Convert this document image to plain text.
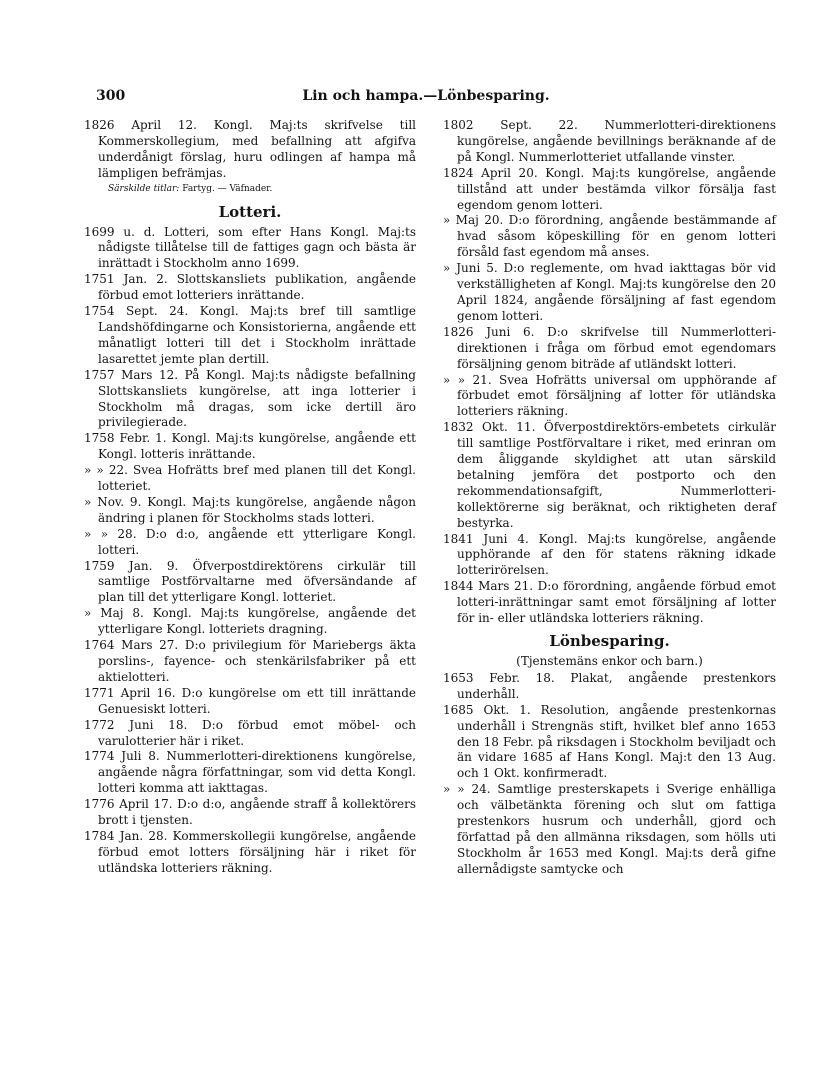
300	Lin och hampa.—Lönbesparing.

1826 April 12. Kongl. Maj:ts skrifvelse till Kommerskollegium, med befallning att afgifva underdånigt förslag, huru odlingen af hampa må lämpligen befrämjas.

Särskilde titlar: Fartyg. — Väfnader.

Lotteri.

1699 u. d. Lotteri, som efter Hans Kongl. Maj:ts nådigste tillåtelse till de fattiges gagn och bästa är inrättadt i Stockholm anno 1699.

1751 Jan. 2. Slottskansliets publikation, angående förbud emot lotteriers inrättande.

1754 Sept. 24. Kongl. Maj:ts bref till samtlige Landshöfdingarne och Konsistorierna, angående ett månatligt lotteri till det i Stockholm inrättade lasarettet jemte plan dertill.

1757 Mars 12. På Kongl. Maj:ts nådigste befallning Slottskansliets kungörelse, att inga lotterier i Stockholm må dragas, som icke dertill äro privilegierade.

1758 Febr. 1. Kongl. Maj:ts kungörelse, angående ett Kongl. lotteris inrättande.

» » 22. Svea Hofrätts bref med planen till det Kongl. lotteriet.

» Nov. 9. Kongl. Maj:ts kungörelse, angående någon ändring i planen för Stockholms stads lotteri.

» » 28. D:o d:o, angående ett ytterligare Kongl. lotteri.

1759 Jan. 9. Öfverpostdirektörens cirkulär till samtlige Postförvaltarne med öfversändande af plan till det ytterligare Kongl. lotteriet.

» Maj 8. Kongl. Maj:ts kungörelse, angående det ytterligare Kongl. lotteriets dragning.

1764 Mars 27. D:o privilegium för Mariebergs äkta porslins-, fayence- och stenkärilsfabriker på ett aktielotteri.

1771 April 16. D:o kungörelse om ett till inrättande Genuesiskt lotteri.

1772 Juni 18. D:o förbud emot möbel- och varulotterier här i riket.

1774 Juli 8. Nummerlotteri-direktionens kungörelse, angående några författningar, som vid detta Kongl. lotteri komma att iakttagas.

1776 April 17. D:o d:o, angående straff å kollektörers brott i tjensten.

1784 Jan. 28. Kommerskollegii kungörelse, angående förbud emot lotters försäljning här i riket för utländska lotteriers räkning.

1802 Sept. 22. Nummerlotteri-direktionens kungörelse, angående bevillnings beräknande af de på Kongl. Nummerlotteriet utfallande vinster.

1824 April 20. Kongl. Maj:ts kungörelse, angående tillstånd att under bestämda vilkor försälja fast egendom genom lotteri.

» Maj 20. D:o förordning, angående bestämmande af hvad såsom köpeskilling för en genom lotteri försåld fast egendom må anses.

» Juni 5. D:o reglemente, om hvad iakttagas bör vid verkställigheten af Kongl. Maj:ts kungörelse den 20 April 1824, angående försäljning af fast egendom genom lotteri.

1826 Juni 6. D:o skrifvelse till Nummerlotteri-direktionen i fråga om förbud emot egendomars försäljning genom biträde af utländskt lotteri.

» » 21. Svea Hofrätts universal om upphörande af förbudet emot försäljning af lotter för utländska lotteriers räkning.

1832 Okt. 11. Öfverpostdirektörs-embetets cirkulär till samtlige Postförvaltare i riket, med erinran om dem åliggande skyldighet att utan särskild betalning jemföra det postporto och den rekommendationsafgift, Nummerlotteri-kollektörerne sig beräknat, och riktigheten deraf bestyrka.

1841 Juni 4. Kongl. Maj:ts kungörelse, angående upphörande af den för statens räkning idkade lotterirörelsen.

1844 Mars 21. D:o förordning, angående förbud emot lotteri-inrättningar samt emot försäljning af lotter för in- eller utländska lotteriers räkning.

Lönbesparing.
(Tjenstemäns enkor och barn.)

1653 Febr. 18. Plakat, angående prestenkors underhåll.

1685 Okt. 1. Resolution, angående prestenkornas underhåll i Strengnäs stift, hvilket blef anno 1653 den 18 Febr. på riksdagen i Stockholm beviljadt och än vidare 1685 af Hans Kongl. Maj:t den 13 Aug. och 1 Okt. konfirmeradt.

» » 24. Samtlige presterskapets i Sverige enhälliga och välbetänkta förening och slut om fattiga prestenkors husrum och underhåll, gjord och författad på den allmänna riksdagen, som hölls uti Stockholm år 1653 med Kongl. Maj:ts derå gifne allernådigste samtycke och
